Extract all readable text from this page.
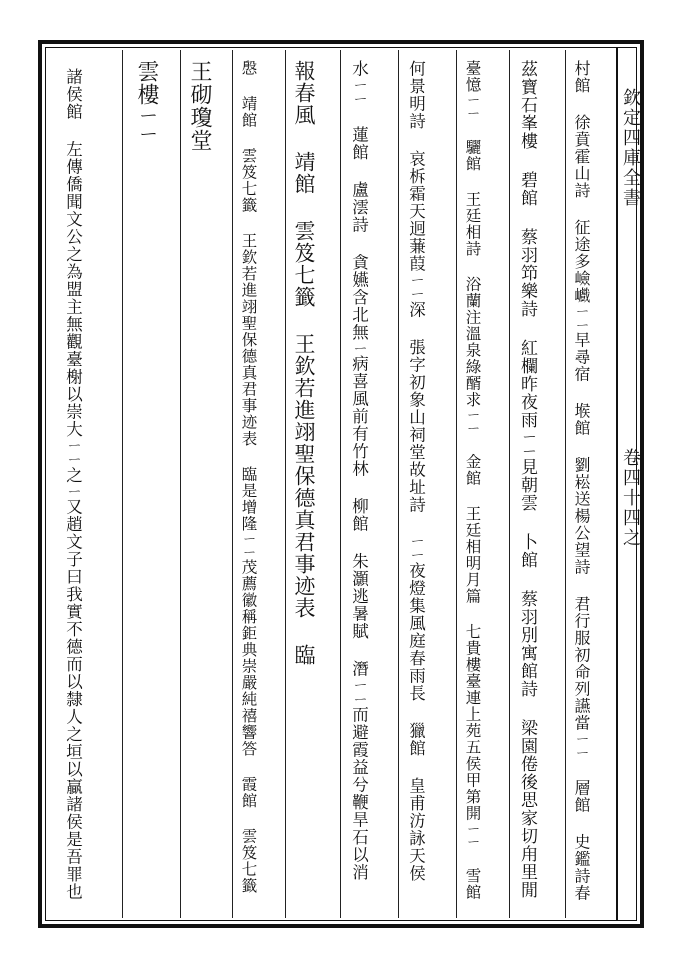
欽定四庫全書
卷四十四之
村館 徐賁霍山詩 征途多嶮巇ㄧㄧ早尋宿 堠館 劉崧送楊公望詩 君行服初命列讌當ㄧㄧ 層館 史鑑詩春
茲寶石峯樓 碧館 蔡羽笻樂詩 紅欄昨夜雨ㄧㄧ見朝雲 卜館 蔡羽別寓館詩 梁園倦後思家切甪里閒
臺憶ㄧㄧ 驪館 王廷相詩 浴蘭注溫泉綠醑求ㄧㄧ 金館 王廷相明月篇 七貴樓臺連上苑五侯甲第開ㄧㄧ 雪館
何景明詩 哀柝霜天迥蒹葭ㄧㄧ深 張字初象山祠堂故址詩 ㄧㄧ夜燈集風庭春雨長 獵館 皇甫汸詠天侯
水ㄧㄧ 蓮館 盧澐詩 貪嬿含北無ㄧ病喜風前有竹林 柳館 朱灝逃暑賦 潛ㄧㄧ而避霞益兮鞭旱石以消
報春風 靖館 雲笈七籤 王欽若進翊聖保德真君事迹表 臨
慇 靖館 雲笈七籤 王欽若進翊聖保德真君事迹表 臨是增隆ㄧㄧ茂薦徽稱鉅典崇嚴純禧響答 霞館 雲笈七籤
王砌瓊堂
雲樓ㄧㄧ
諸侯館 左傳僑聞文公之為盟主無觀臺榭以崇大ㄧㄧ之ㄧ又趙文子曰我實不德而以隸人之垣以贏諸侯是吾罪也
